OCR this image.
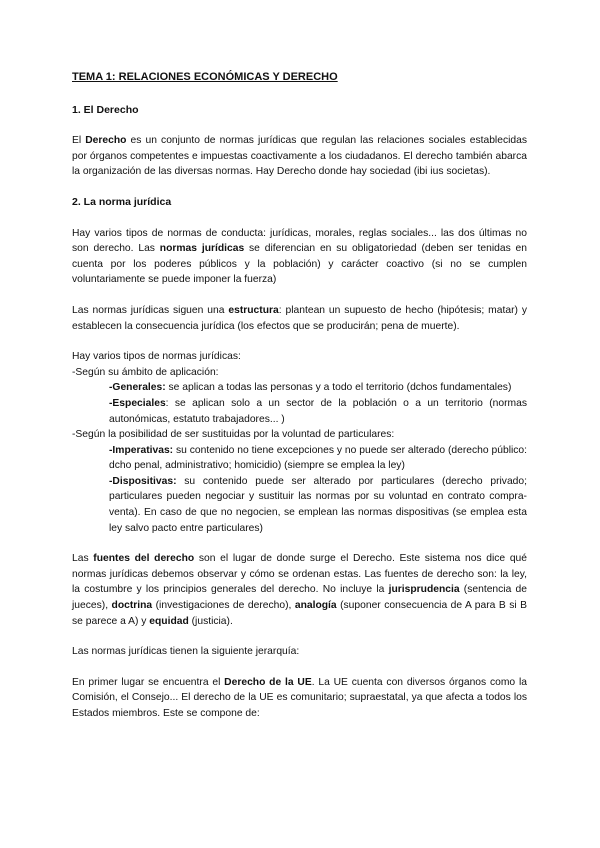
TEMA 1: RELACIONES ECONÓMICAS Y DERECHO
1. El Derecho

El Derecho es un conjunto de normas jurídicas que regulan las relaciones sociales establecidas por órganos competentes e impuestas coactivamente a los ciudadanos. El derecho también abarca la organización de las diversas normas. Hay Derecho donde hay sociedad (ibi ius societas).

2. La norma jurídica

Hay varios tipos de normas de conducta: jurídicas, morales, reglas sociales... las dos últimas no son derecho. Las normas jurídicas se diferencian en su obligatoriedad (deben ser tenidas en cuenta por los poderes públicos y la población) y carácter coactivo (si no se cumplen voluntariamente se puede imponer la fuerza)

Las normas jurídicas siguen una estructura: plantean un supuesto de hecho (hipótesis; matar) y establecen la consecuencia jurídica (los efectos que se producirán; pena de muerte).

Hay varios tipos de normas jurídicas:
-Según su ámbito de aplicación:
-Generales: se aplican a todas las personas y a todo el territorio (dchos fundamentales)
-Especiales: se aplican solo a un sector de la población o a un territorio (normas autonómicas, estatuto trabajadores... )
-Según la posibilidad de ser sustituidas por la voluntad de particulares:
-Imperativas: su contenido no tiene excepciones y no puede ser alterado (derecho público: dcho penal, administrativo; homicidio) (siempre se emplea la ley)
-Dispositivas: su contenido puede ser alterado por particulares (derecho privado; particulares pueden negociar y sustituir las normas por su voluntad en contrato compra-venta). En caso de que no negocien, se emplean las normas dispositivas (se emplea esta ley salvo pacto entre particulares)

Las fuentes del derecho son el lugar de donde surge el Derecho. Este sistema nos dice qué normas jurídicas debemos observar y cómo se ordenan estas. Las fuentes de derecho son: la ley, la costumbre y los principios generales del derecho. No incluye la jurisprudencia (sentencia de jueces), doctrina (investigaciones de derecho), analogía (suponer consecuencia de A para B si B se parece a A) y equidad (justicia).

Las normas jurídicas tienen la siguiente jerarquía:

En primer lugar se encuentra el Derecho de la UE. La UE cuenta con diversos órganos como la Comisión, el Consejo... El derecho de la UE es comunitario; supraestatal, ya que afecta a todos los Estados miembros. Este se compone de:
